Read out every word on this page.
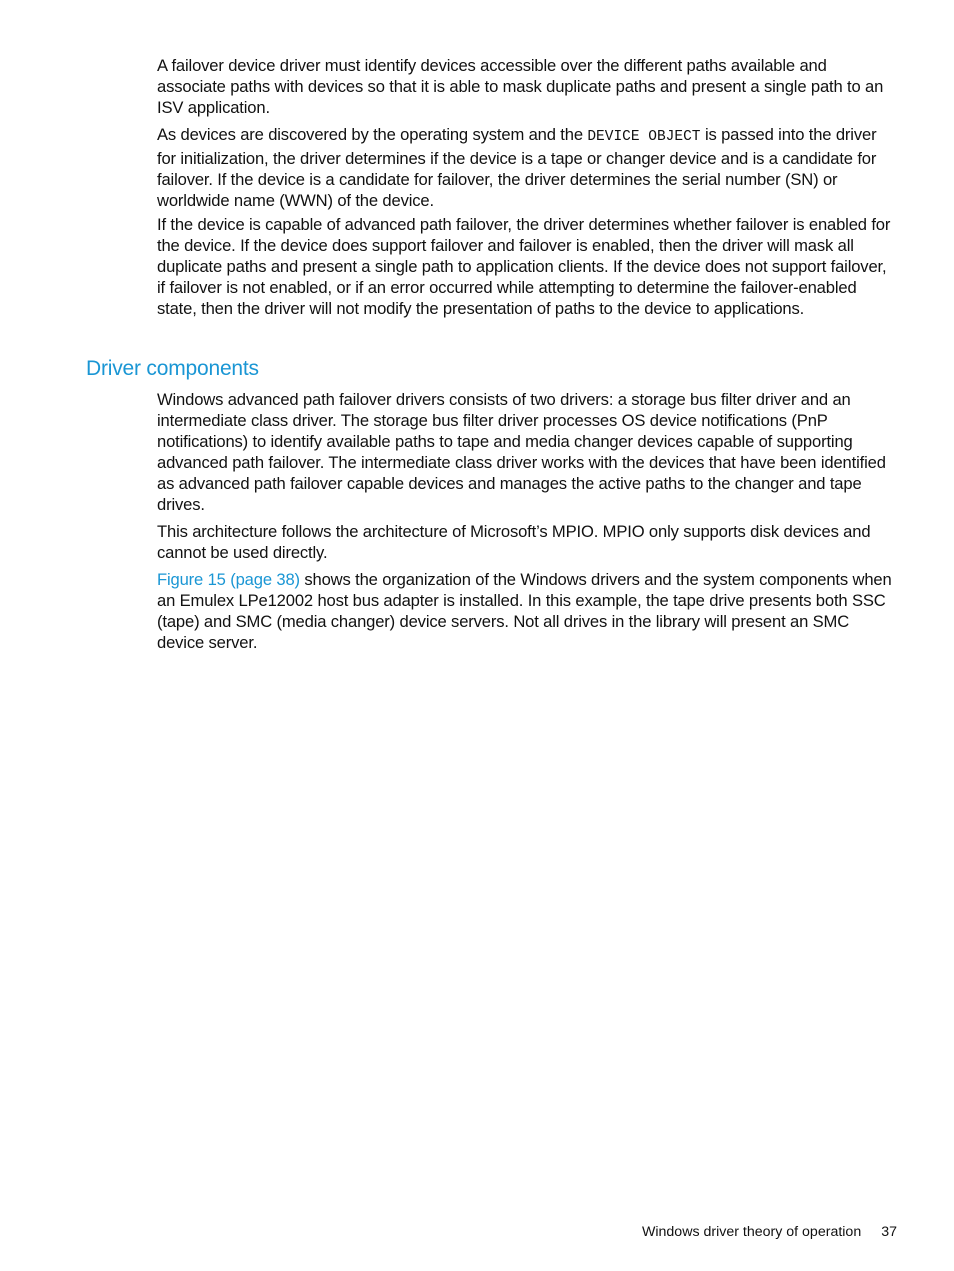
A failover device driver must identify devices accessible over the different paths available and associate paths with devices so that it is able to mask duplicate paths and present a single path to an ISV application.

As devices are discovered by the operating system and the DEVICE OBJECT is passed into the driver for initialization, the driver determines if the device is a tape or changer device and is a candidate for failover. If the device is a candidate for failover, the driver determines the serial number (SN) or worldwide name (WWN) of the device.

If the device is capable of advanced path failover, the driver determines whether failover is enabled for the device. If the device does support failover and failover is enabled, then the driver will mask all duplicate paths and present a single path to application clients. If the device does not support failover, if failover is not enabled, or if an error occurred while attempting to determine the failover-enabled state, then the driver will not modify the presentation of paths to the device to applications.

Driver components

Windows advanced path failover drivers consists of two drivers: a storage bus filter driver and an intermediate class driver. The storage bus filter driver processes OS device notifications (PnP notifications) to identify available paths to tape and media changer devices capable of supporting advanced path failover. The intermediate class driver works with the devices that have been identified as advanced path failover capable devices and manages the active paths to the changer and tape drives.

This architecture follows the architecture of Microsoft’s MPIO. MPIO only supports disk devices and cannot be used directly.

Figure 15 (page 38) shows the organization of the Windows drivers and the system components when an Emulex LPe12002 host bus adapter is installed. In this example, the tape drive presents both SSC (tape) and SMC (media changer) device servers. Not all drives in the library will present an SMC device server.

Windows driver theory of operation 37
